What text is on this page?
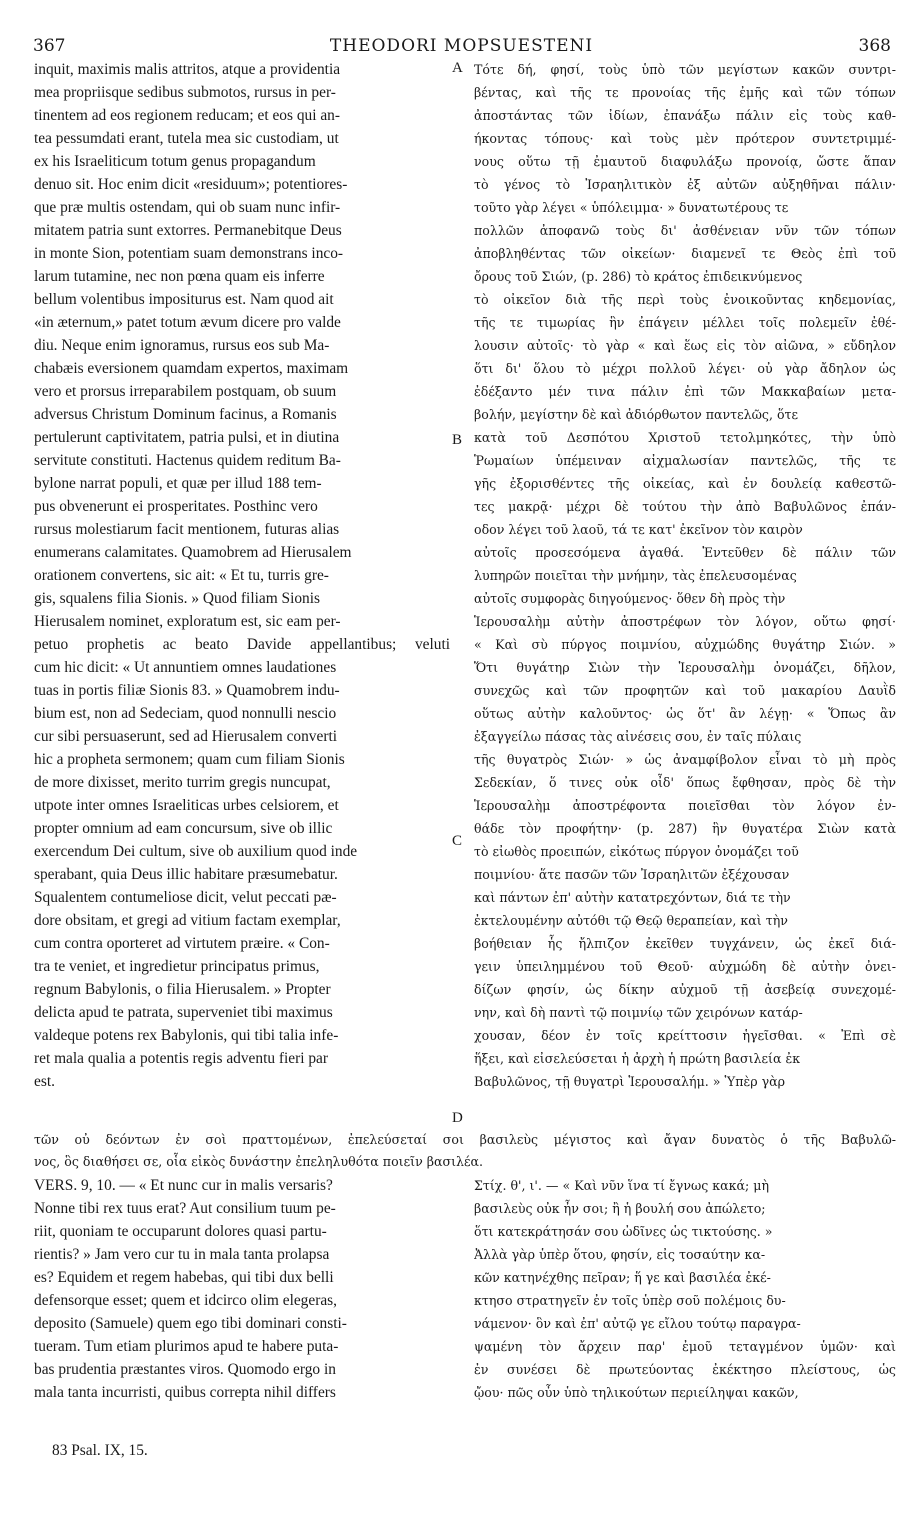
367	THEODORI MOPSUESTENI	368
A
B
C
D
inquit, maximis malis attritos, atque a providentia
mea propriisque sedibus submotos, rursus in per-
tinentem ad eos regionem reducam; et eos qui an-
tea pessumdati erant, tutela mea sic custodiam, ut
ex his Israeliticum totum genus propagandum
denuo sit. Hoc enim dicit «residuum»; potentiores-
que præ multis ostendam, qui ob suam nunc infir-
mitatem patria sunt extorres. Permanebitque Deus
in monte Sion, potentiam suam demonstrans inco-
larum tutamine, nec non pœna quam eis inferre
bellum volentibus impositurus est. Nam quod ait
«in æternum,» patet totum ævum dicere pro valde
diu. Neque enim ignoramus, rursus eos sub Ma-
chabæis eversionem quamdam expertos, maximam
vero et prorsus irreparabilem postquam, ob suum
adversus Christum Dominum facinus, a Romanis
pertulerunt captivitatem, patria pulsi, et in diutina
servitute constituti. Hactenus quidem reditum Ba-
bylone narrat populi, et quæ per illud 188 tem-
pus obvenerunt ei prosperitates. Posthinc vero
rursus molestiarum facit mentionem, futuras alias
enumerans calamitates. Quamobrem ad Hierusalem
orationem convertens, sic ait: « Et tu, turris gre-
gis, squalens filia Sionis. » Quod filiam Sionis
Hierusalem nominet, exploratum est, sic eam per-
petuo prophetis ac beato Davide appellantibus; veluti
cum hic dicit: « Ut annuntiem omnes laudationes
tuas in portis filiæ Sionis 83. » Quamobrem indu-
bium est, non ad Sedeciam, quod nonnulli nescio
cur sibi persuaserunt, sed ad Hierusalem converti
hic a propheta sermonem; quam cum filiam Sionis
de more dixisset, merito turrim gregis nuncupat,
utpote inter omnes Israeliticas urbes celsiorem, et
propter omnium ad eam concursum, sive ob illic
exercendum Dei cultum, sive ob auxilium quod inde
sperabant, quia Deus illic habitare præsumebatur.
Squalentem contumeliose dicit, velut peccati pæ-
dore obsitam, et gregi ad vitium factam exemplar,
cum contra oporteret ad virtutem præire. « Con-
tra te veniet, et ingredietur principatus primus,
regnum Babylonis, o filia Hierusalem. » Propter
delicta apud te patrata, superveniet tibi maximus
valdeque potens rex Babylonis, qui tibi talia infe-
ret mala qualia a potentis regis adventu fieri par
est.
Τότε δή, φησί, τοὺς ὑπὸ τῶν μεγίστων κακῶν συντρι-
βέντας, καὶ τῆς τε προνοίας τῆς ἐμῆς καὶ τῶν τόπων
ἀποστάντας τῶν ἰδίων, ἐπανάξω πάλιν εἰς τοὺς καθ-
ήκοντας τόπους· καὶ τοὺς μὲν πρότερον συντετριμμέ-
νους οὕτω τῇ ἐμαυτοῦ διαφυλάξω προνοίᾳ, ὥστε ἅπαν
τὸ γένος τὸ Ἰσραηλιτικὸν ἐξ αὐτῶν αὐξηθῆναι πάλιν·
τοῦτο γὰρ λέγει « ὑπόλειμμα· » δυνατωτέρους τε
πολλῶν ἀποφανῶ τοὺς δι' ἀσθένειαν νῦν τῶν τόπων
ἀποβληθέντας τῶν οἰκείων· διαμενεῖ τε Θεὸς ἐπὶ τοῦ
ὄρους τοῦ Σιών, (p. 286) τὸ κράτος ἐπιδεικνύμενος
τὸ οἰκεῖον διὰ τῆς περὶ τοὺς ἐνοικοῦντας κηδεμονίας,
τῆς τε τιμωρίας ἣν ἐπάγειν μέλλει τοῖς πολεμεῖν ἐθέ-
λουσιν αὐτοῖς· τὸ γὰρ « καὶ ἕως εἰς τὸν αἰῶνα, » εὔδηλον
ὅτι δι' ὅλου τὸ μέχρι πολλοῦ λέγει· οὐ γὰρ ἄδηλον ὡς
ἐδέξαντο μέν τινα πάλιν ἐπὶ τῶν Μακκαβαίων μετα-
βολήν, μεγίστην δὲ καὶ ἀδιόρθωτον παντελῶς, ὅτε
κατὰ τοῦ Δεσπότου Χριστοῦ τετολμηκότες, τὴν ὑπὸ
Ῥωμαίων ὑπέμειναν αἰχμαλωσίαν παντελῶς, τῆς τε
γῆς ἐξορισθέντες τῆς οἰκείας, καὶ ἐν δουλείᾳ καθεστῶ-
τες μακρᾷ· μέχρι δὲ τούτου τὴν ἀπὸ Βαβυλῶνος ἐπάν-
οδον λέγει τοῦ λαοῦ, τά τε κατ' ἐκεῖνον τὸν καιρὸν
αὐτοῖς προσεσόμενα ἀγαθά. Ἐντεῦθεν δὲ πάλιν τῶν
λυπηρῶν ποιεῖται τὴν μνήμην, τὰς ἐπελευσομένας
αὐτοῖς συμφορὰς διηγούμενος· ὅθεν δὴ πρὸς τὴν
Ἱερουσαλὴμ αὐτὴν ἀποστρέφων τὸν λόγον, οὕτω φησί·
« Καὶ σὺ πύργος ποιμνίου, αὐχμώδης θυγάτηρ Σιών. »
Ὅτι θυγάτηρ Σιὼν τὴν Ἱερουσαλὴμ ὀνομάζει, δῆλον,
συνεχῶς καὶ τῶν προφητῶν καὶ τοῦ μακαρίου Δαυῒδ
οὕτως αὐτὴν καλοῦντος· ὡς ὅτ' ἂν λέγῃ· « Ὅπως ἂν
ἐξαγγείλω πάσας τὰς αἰνέσεις σου, ἐν ταῖς πύλαις
τῆς θυγατρὸς Σιών· » ὡς ἀναμφίβολον εἶναι τὸ μὴ πρὸς
Σεδεκίαν, ὅ τινες οὐκ οἶδ' ὅπως ἔφθησαν, πρὸς δὲ τὴν
Ἱερουσαλὴμ ἀποστρέφοντα ποιεῖσθαι τὸν λόγον ἐν-
θάδε τὸν προφήτην· (p. 287) ἣν θυγατέρα Σιὼν κατὰ
τὸ εἰωθὸς προειπών, εἰκότως πύργον ὀνομάζει τοῦ
ποιμνίου· ἅτε πασῶν τῶν Ἰσραηλιτῶν ἐξέχουσαν
καὶ πάντων ἐπ' αὐτὴν κατατρεχόντων, διά τε τὴν
ἐκτελουμένην αὐτόθι τῷ Θεῷ θεραπείαν, καὶ τὴν
βοήθειαν ἧς ἤλπιζον ἐκεῖθεν τυγχάνειν, ὡς ἐκεῖ διά-
γειν ὑπειλημμένου τοῦ Θεοῦ· αὐχμώδη δὲ αὐτὴν ὀνει-
δίζων φησίν, ὡς δίκην αὐχμοῦ τῇ ἀσεβείᾳ συνεχομέ-
νην, καὶ δὴ παντὶ τῷ ποιμνίῳ τῶν χειρόνων κατάρ-
χουσαν, δέον ἐν τοῖς κρείττοσιν ἡγεῖσθαι. « Ἐπὶ σὲ
ἥξει, καὶ εἰσελεύσεται ἡ ἀρχὴ ἡ πρώτη βασιλεία ἐκ
Βαβυλῶνος, τῇ θυγατρὶ Ἱερουσαλήμ. » Ὑπὲρ γὰρ
τῶν οὐ δεόντων ἐν σοὶ πραττομένων, ἐπελεύσεταί σοι βασιλεὺς μέγιστος καὶ ἄγαν δυνατὸς ὁ τῆς Βαβυλῶ-
νος, ὃς διαθήσει σε, οἷα εἰκὸς δυνάστην ἐπεληλυθότα ποιεῖν βασιλέα.
VERS. 9, 10. — « Et nunc cur in malis versaris?
Nonne tibi rex tuus erat? Aut consilium tuum pe-
riit, quoniam te occuparunt dolores quasi partu-
rientis? » Jam vero cur tu in mala tanta prolapsa
es? Equidem et regem habebas, qui tibi dux belli
defensorque esset; quem et idcirco olim elegeras,
deposito (Samuele) quem ego tibi dominari consti-
tueram. Tum etiam plurimos apud te habere puta-
bas prudentia præstantes viros. Quomodo ergo in
mala tanta incurristi, quibus correpta nihil differs
Στίχ. θ', ι'. — « Καὶ νῦν ἵνα τί ἔγνως κακά; μὴ
βασιλεὺς οὐκ ἦν σοι; ἢ ἡ βουλή σου ἀπώλετο;
ὅτι κατεκράτησάν σου ὠδῖνες ὡς τικτούσης. »
Ἀλλὰ γὰρ ὑπὲρ ὅτου, φησίν, εἰς τοσαύτην κα-
κῶν κατηνέχθης πεῖραν; ἥ γε καὶ βασιλέα ἐκέ-
κτησο στρατηγεῖν ἐν τοῖς ὑπὲρ σοῦ πολέμοις δυ-
νάμενον· ὃν καὶ ἐπ' αὐτῷ γε εἴλου τούτῳ παραγρα-
ψαμένη τὸν ἄρχειν παρ' ἐμοῦ τεταγμένον ὑμῶν· καὶ
ἐν συνέσει δὲ πρωτεύοντας ἐκέκτησο πλείστους, ὡς
ᾤου· πῶς οὖν ὑπὸ τηλικούτων περιείληψαι κακῶν,
83 Psal. IX, 15.
